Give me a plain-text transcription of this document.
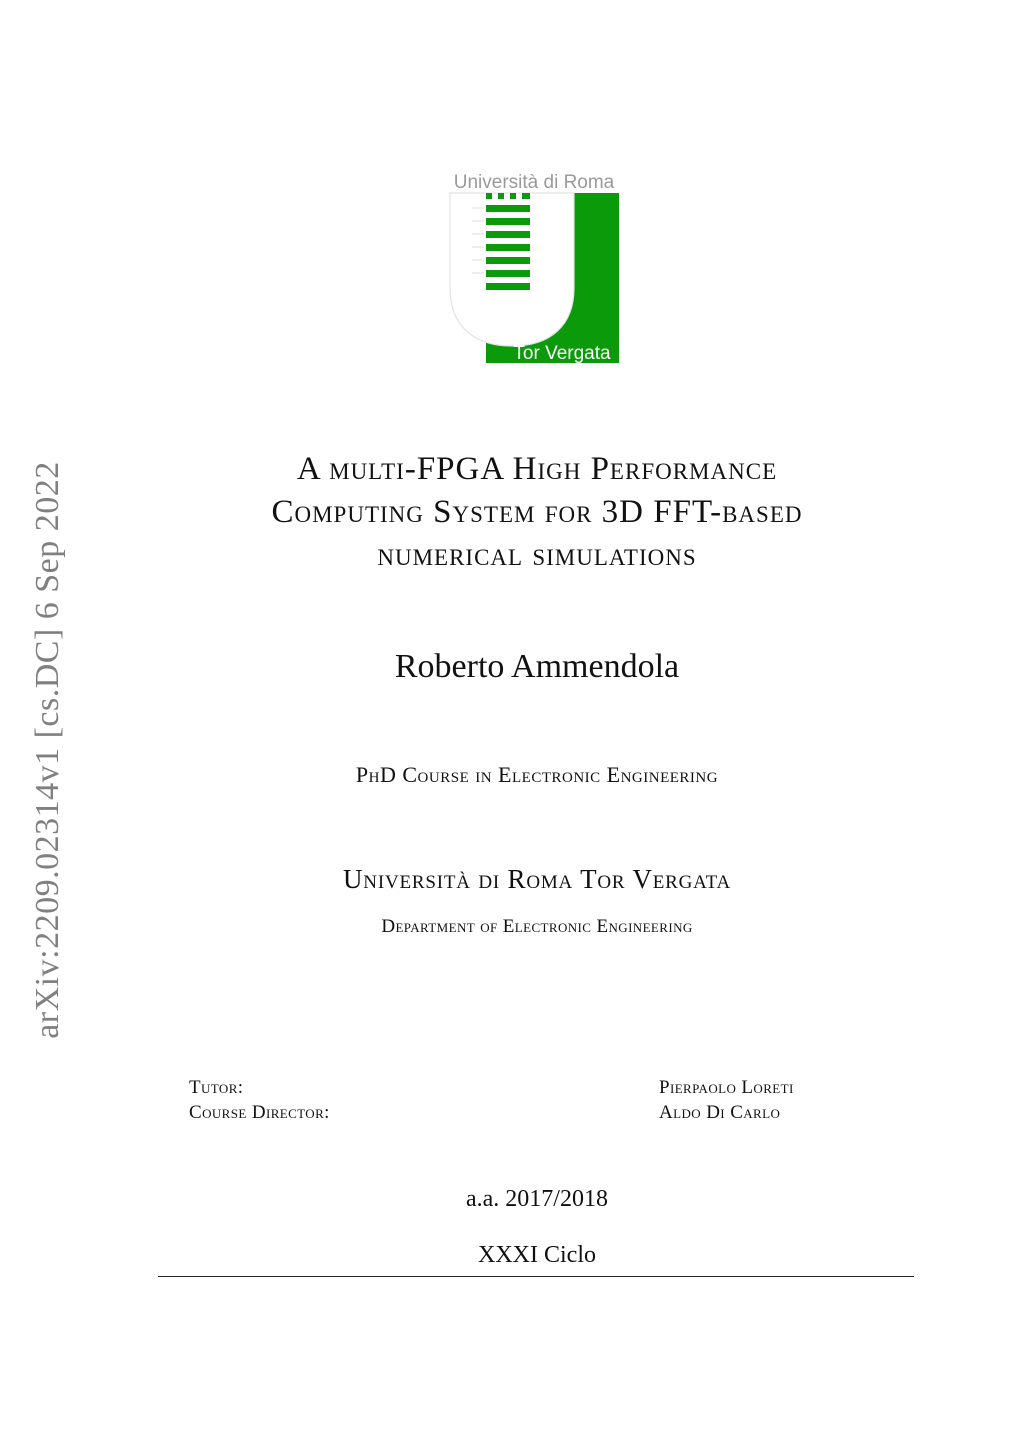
arXiv:2209.02314v1 [cs.DC] 6 Sep 2022
Università di Roma
Tor Vergata
A multi-FPGA High Performance
Computing System for 3D FFT-based
numerical simulations
Roberto Ammendola
PhD Course in Electronic Engineering
Università di Roma Tor Vergata
Department of Electronic Engineering
Tutor:
Course Director:
Pierpaolo Loreti
Aldo Di Carlo
a.a. 2017/2018
XXXI Ciclo
